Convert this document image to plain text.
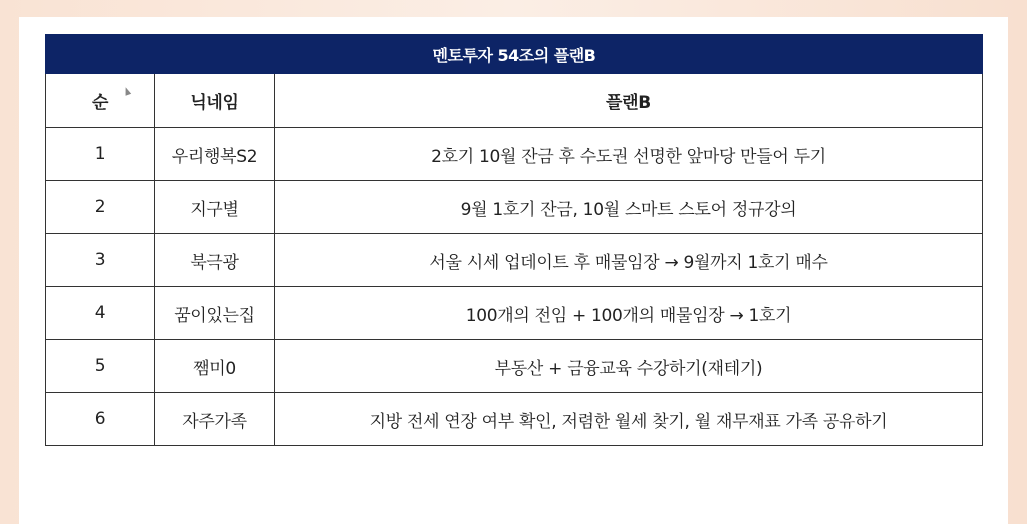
멘토투자 54조의 플랜B		
순	닉네임	플랜B
1	우리행복S2	2호기 10월 잔금 후 수도권 선명한 앞마당 만들어 두기
2	지구별	9월 1호기 잔금, 10월 스마트 스토어 정규강의
3	북극광	서울 시세 업데이트 후 매물임장 → 9월까지 1호기 매수
4	꿈이있는집	100개의 전임 + 100개의 매물임장 → 1호기
5	쨈미0	부동산 + 금융교육 수강하기(재테기)
6	자주가족	지방 전세 연장 여부 확인, 저렴한 월세 찾기, 월 재무재표 가족 공유하기
